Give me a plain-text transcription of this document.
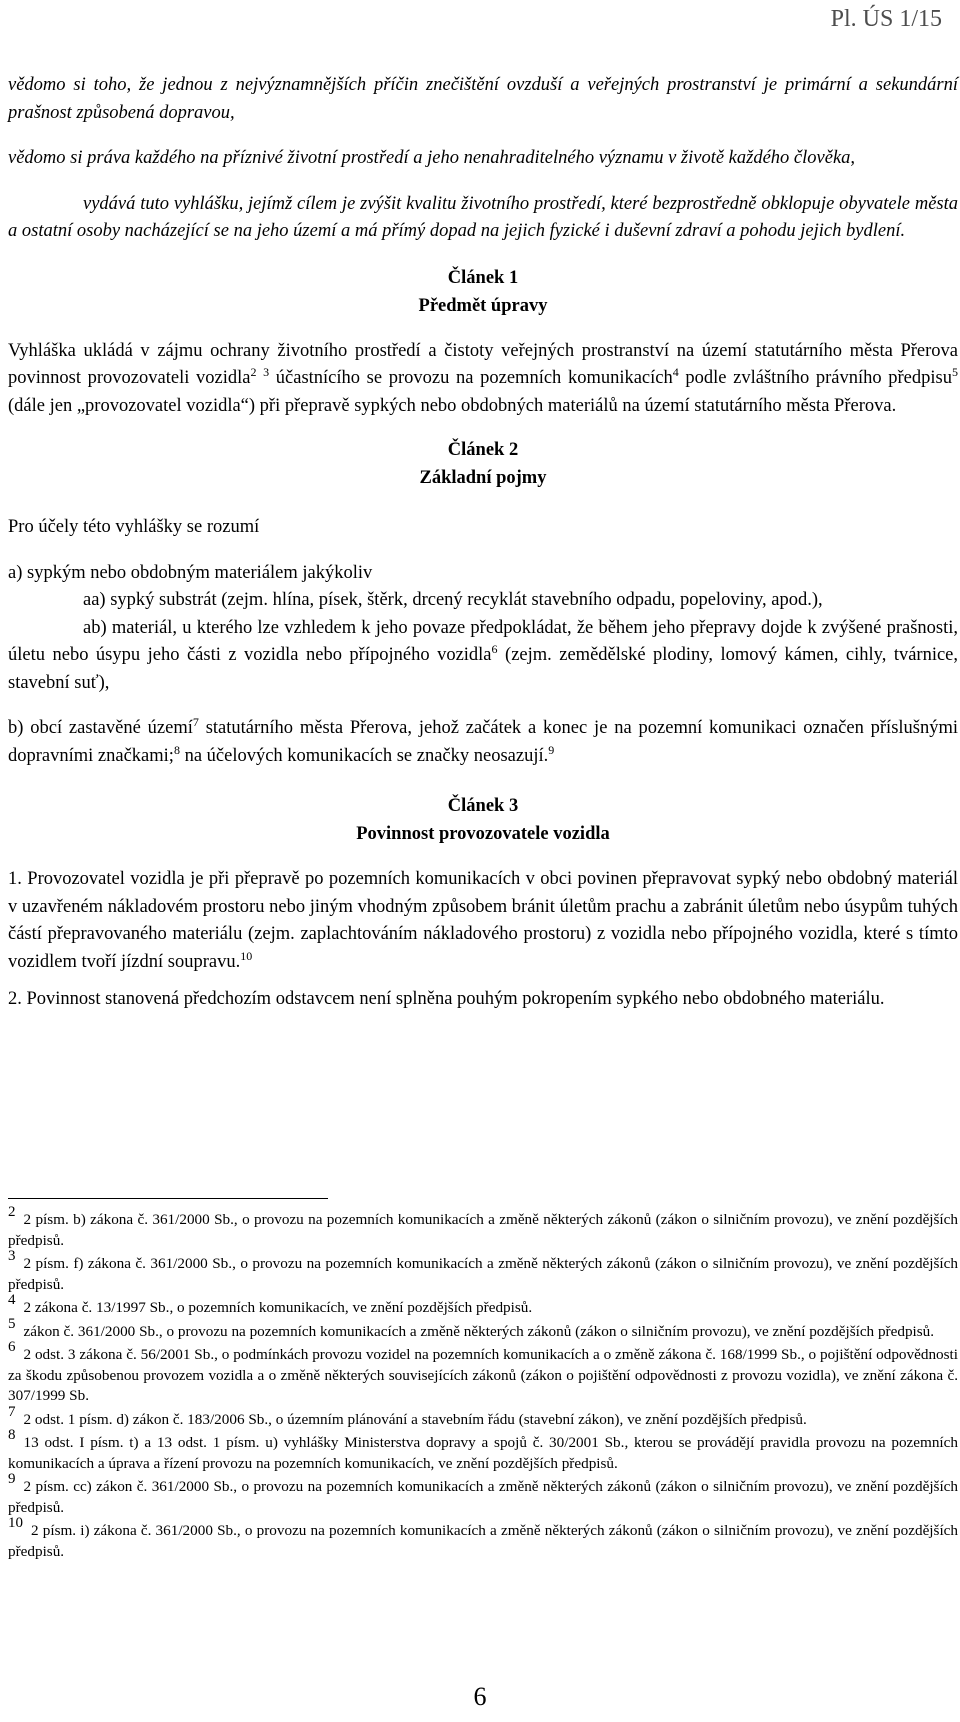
Pl. ÚS 1/15

vědomo si toho, že jednou z nejvýznamnějších příčin znečištění ovzduší a veřejných prostranství je primární a sekundární prašnost způsobená dopravou,

vědomo si práva každého na příznivé životní prostředí a jeho nenahraditelného významu v životě každého člověka,

vydává tuto vyhlášku, jejímž cílem je zvýšit kvalitu životního prostředí, které bezprostředně obklopuje obyvatele města a ostatní osoby nacházející se na jeho území a má přímý dopad na jejich fyzické i duševní zdraví a pohodu jejich bydlení.

Článek 1
Předmět úpravy

Vyhláška ukládá v zájmu ochrany životního prostředí a čistoty veřejných prostranství na území statutárního města Přerova povinnost provozovateli vozidla$^2$ $^3$ účastnícího se provozu na pozemních komunikacích$^4$ podle zvláštního právního předpisu$^5$ (dále jen „provozovatel vozidla“) při přepravě sypkých nebo obdobných materiálů na území statutárního města Přerova.

Článek 2
Základní pojmy

Pro účely této vyhlášky se rozumí

a) sypkým nebo obdobným materiálem jakýkoliv

aa) sypký substrát (zejm. hlína, písek, štěrk, drcený recyklát stavebního odpadu, popeloviny, apod.),

ab) materiál, u kterého lze vzhledem k jeho povaze předpokládat, že během jeho přepravy dojde k zvýšené prašnosti, úletu nebo úsypu jeho části z vozidla nebo přípojného vozidla$^6$ (zejm. zemědělské plodiny, lomový kámen, cihly, tvárnice, stavební suť),

b) obcí zastavěné území$^7$ statutárního města Přerova, jehož začátek a konec je na pozemní komunikaci označen příslušnými dopravními značkami;$^8$ na účelových komunikacích se značky neosazují.$^9$

Článek 3
Povinnost provozovatele vozidla

1. Provozovatel vozidla je při přepravě po pozemních komunikacích v obci povinen přepravovat sypký nebo obdobný materiál v uzavřeném nákladovém prostoru nebo jiným vhodným způsobem bránit úletům prachu a zabránit úletům nebo úsypům tuhých částí přepravovaného materiálu (zejm. zaplachtováním nákladového prostoru) z vozidla nebo přípojného vozidla, které s tímto vozidlem tvoří jízdní soupravu.$^{10}$

2. Povinnost stanovená předchozím odstavcem není splněna pouhým pokropením sypkého nebo obdobného materiálu.

2 2 písm. b) zákona č. 361/2000 Sb., o provozu na pozemních komunikacích a změně některých zákonů (zákon o silničním provozu), ve znění pozdějších předpisů.

3 2 písm. f) zákona č. 361/2000 Sb., o provozu na pozemních komunikacích a změně některých zákonů (zákon o silničním provozu), ve znění pozdějších předpisů.

4 2 zákona č. 13/1997 Sb., o pozemních komunikacích, ve znění pozdějších předpisů.

5 zákon č. 361/2000 Sb., o provozu na pozemních komunikacích a změně některých zákonů (zákon o silničním provozu), ve znění pozdějších předpisů.

6 2 odst. 3 zákona č. 56/2001 Sb., o podmínkách provozu vozidel na pozemních komunikacích a o změně zákona č. 168/1999 Sb., o pojištění odpovědnosti za škodu způsobenou provozem vozidla a o změně některých souvisejících zákonů (zákon o pojištění odpovědnosti z provozu vozidla), ve znění zákona č. 307/1999 Sb.

7 2 odst. 1 písm. d) zákon č. 183/2006 Sb., o územním plánování a stavebním řádu (stavební zákon), ve znění pozdějších předpisů.

8 13 odst. I písm. t) a 13 odst. 1 písm. u) vyhlášky Ministerstva dopravy a spojů č. 30/2001 Sb., kterou se provádějí pravidla provozu na pozemních komunikacích a úprava a řízení provozu na pozemních komunikacích, ve znění pozdějších předpisů.

9 2 písm. cc) zákon č. 361/2000 Sb., o provozu na pozemních komunikacích a změně některých zákonů (zákon o silničním provozu), ve znění pozdějších předpisů.

10 2 písm. i) zákona č. 361/2000 Sb., o provozu na pozemních komunikacích a změně některých zákonů (zákon o silničním provozu), ve znění pozdějších předpisů.

6
